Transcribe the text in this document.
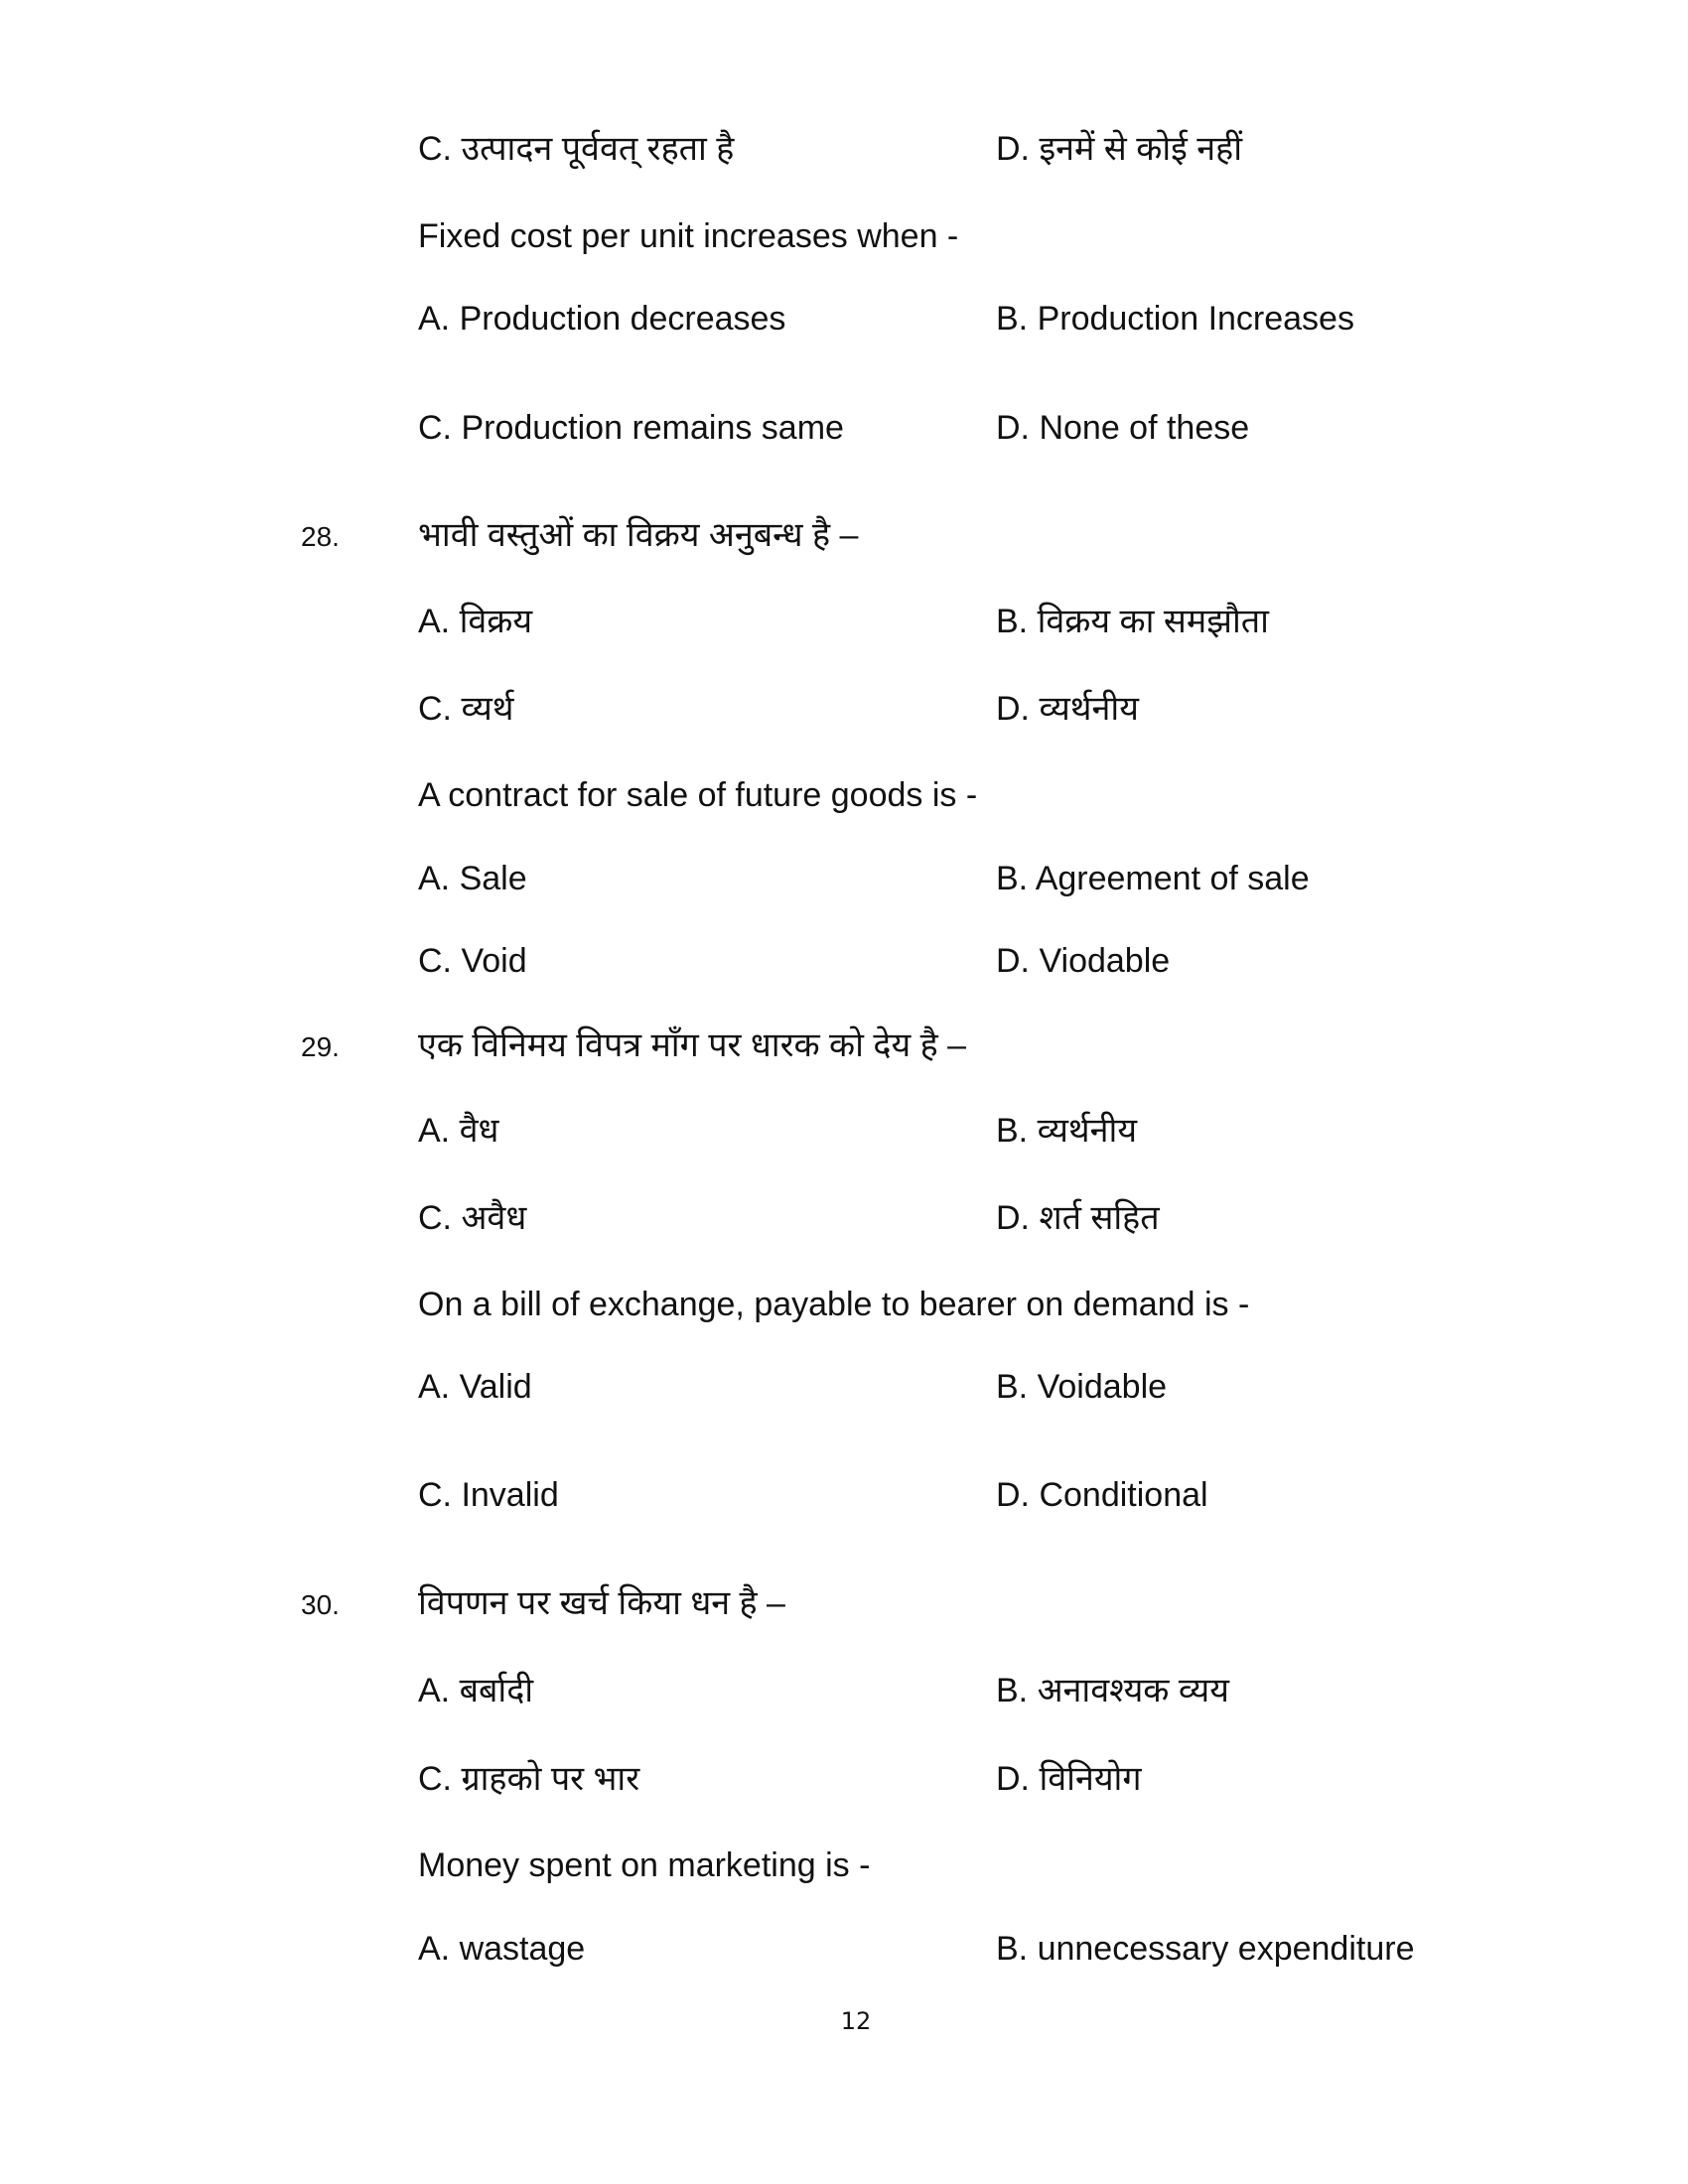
C. उत्पादन पूर्ववत् रहता है	D. इनमें से कोई नहीं
Fixed cost per unit increases when -
A. Production decreases	B. Production Increases
C. Production remains same	D. None of these
28. भावी वस्तुओं का विक्रय अनुबन्ध है –
A. विक्रय	B. विक्रय का समझौता
C. व्यर्थ	D. व्यर्थनीय
A contract for sale of future goods is -
A. Sale	B. Agreement of sale
C. Void	D. Viodable
29. एक विनिमय विपत्र माँग पर धारक को देय है –
A. वैध	B. व्यर्थनीय
C. अवैध	D. शर्त सहित
On a bill of exchange, payable to bearer on demand is -
A. Valid	B. Voidable
C. Invalid	D. Conditional
30. विपणन पर खर्च किया धन है –
A. बर्बादी	B. अनावश्यक व्यय
C. ग्राहको पर भार	D. विनियोग
Money spent on marketing is -
A. wastage	B. unnecessary expenditure
12
